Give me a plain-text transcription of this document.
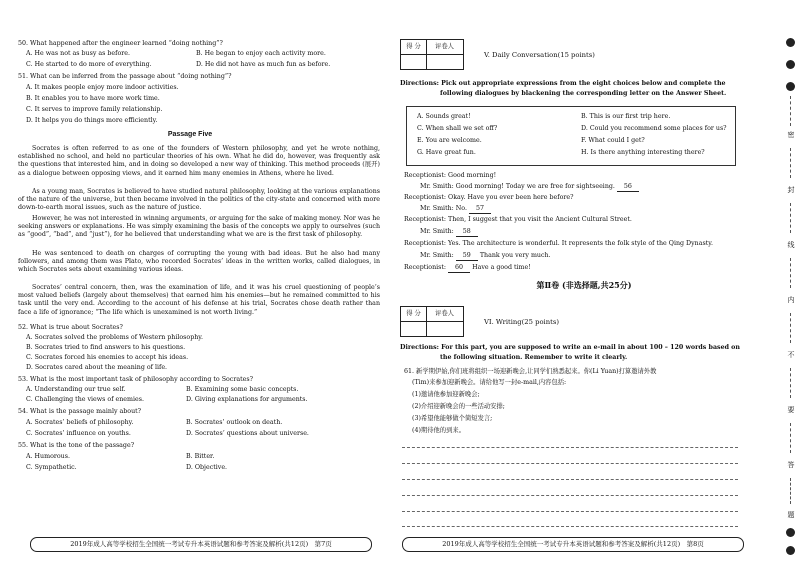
50. What happened after the engineer learned “doing nothing”?
A. He was not as busy as before.	B. He began to enjoy each activity more.
C. He started to do more of everything.	D. He did not have as much fun as before.
51. What can be inferred from the passage about “doing nothing”?
A. It makes people enjoy more indoor activities.
B. It enables you to have more work time.
C. It serves to improve family relationship.
D. It helps you do things more efficiently.
Passage Five
Socrates is often referred to as one of the founders of Western philosophy, and yet he wrote nothing, established no school, and held no particular theories of his own. What he did do, however, was frequently ask the questions that interested him, and in doing so developed a new way of thinking. This method proceeds (展开) as a dialogue between opposing views, and it earned him many enemies in Athens, where he lived.
As a young man, Socrates is believed to have studied natural philosophy, looking at the various explanations of the nature of the universe, but then became involved in the politics of the city-state and concerned with more down-to-earth moral issues, such as the nature of justice.
However, he was not interested in winning arguments, or arguing for the sake of making money. Nor was he seeking answers or explanations. He was simply examining the basis of the concepts we apply to ourselves (such as “good”, “bad”, and “just”), for he believed that understanding what we are is the first task of philosophy.
He was sentenced to death on charges of corrupting the young with bad ideas. But he also had many followers, and among them was Plato, who recorded Socrates’ ideas in the written works, called dialogues, in which Socrates sets about examining various ideas.
Socrates’ central concern, then, was the examination of life, and it was his cruel questioning of people’s most valued beliefs (largely about themselves) that earned him his enemies—but he remained committed to his task until the very end. According to the account of his defense at his trial, Socrates chose death rather than face a life of ignorance; “The life which is unexamined is not worth living.”
52. What is true about Socrates?
A. Socrates solved the problems of Western philosophy.
B. Socrates tried to find answers to his questions.
C. Socrates forced his enemies to accept his ideas.
D. Socrates cared about the meaning of life.
53. What is the most important task of philosophy according to Socrates?
A. Understanding our true self.	B. Examining some basic concepts.
C. Challenging the views of enemies.	D. Giving explanations for arguments.
54. What is the passage mainly about?
A. Socrates’ beliefs of philosophy.	B. Socrates’ outlook on death.
C. Socrates’ influence on youths.	D. Socrates’ questions about universe.
55. What is the tone of the passage?
A. Humorous.	B. Bitter.
C. Sympathetic.	D. Objective.
2019年成人高等学校招生全国统一考试专升本英语试题和参考答案及解析(共12页)　第7页
得 分	评卷人
V. Daily Conversation(15 points)
Directions: Pick out appropriate expressions from the eight choices below and complete the
following dialogues by blackening the corresponding letter on the Answer Sheet.
A. Sounds great!	B. This is our first trip here.
C. When shall we set off?	D. Could you recommend some places for us?
E. You are welcome.	F. What could I get?
G. Have great fun.	H. Is there anything interesting there?
Receptionist: Good morning!
Mr. Smith: Good morning! Today we are free for sightseeing. 56
Receptionist: Okay. Have you ever been here before?
Mr. Smith: No. 57
Receptionist: Then, I suggest that you visit the Ancient Cultural Street.
Mr. Smith: 58
Receptionist: Yes. The architecture is wonderful. It represents the folk style of the Qing Dynasty.
Mr. Smith: 59 Thank you very much.
Receptionist: 60 Have a good time!
第Ⅱ卷 (非选择题,共25分)
得 分	评卷人
VI. Writing(25 points)
Directions: For this part, you are supposed to write an e-mail in about 100 – 120 words based on
the following situation. Remember to write it clearly.
61. 新学期伊始,你们班将组织一场迎新晚会,让同学们熟悉起来。你(Li Yuan)打算邀请外教
(Tim)来参加迎新晚会。请给他写一封e-mail,内容包括:
(1)邀请他参加迎新晚会;
(2)介绍迎新晚会的一些活动安排;
(3)希望他能够做个简短发言;
(4)期待他的到来。
2019年成人高等学校招生全国统一考试专升本英语试题和参考答案及解析(共12页)　第8页
密
封
线
内
不
要
答
题
